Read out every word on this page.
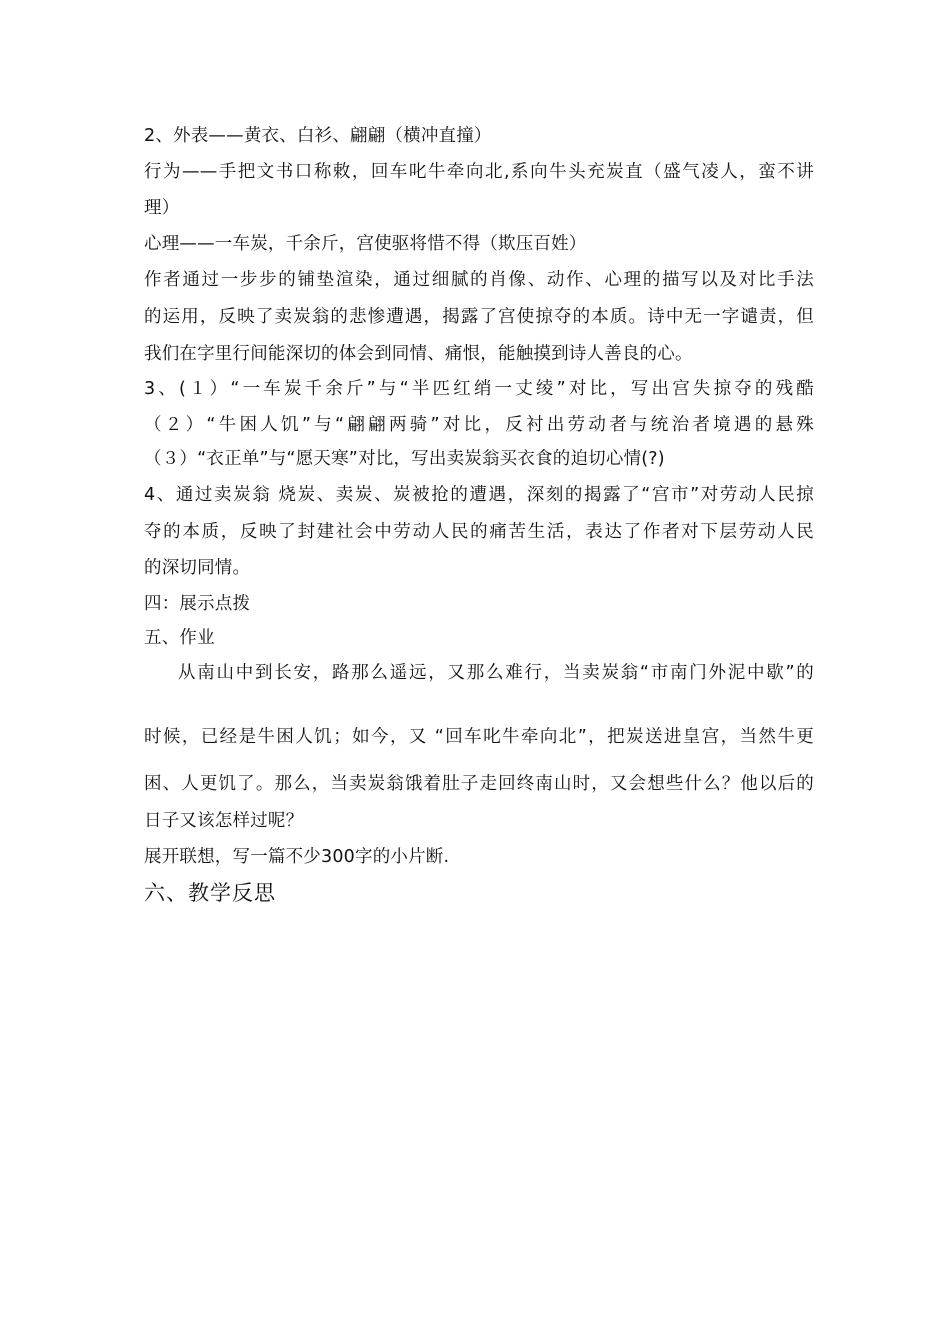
2、外表——黄衣、白衫、翩翩（横冲直撞）
行为——手把文书口称敕，回车叱牛牵向北,系向牛头充炭直（盛气凌人，蛮不讲
理）
心理——一车炭，千余斤，宫使驱将惜不得（欺压百姓）
作者通过一步步的铺垫渲染，通过细腻的肖像、动作、心理的描写以及对比手法
的运用，反映了卖炭翁的悲惨遭遇，揭露了宫使掠夺的本质。诗中无一字谴责，但
我们在字里行间能深切的体会到同情、痛恨，能触摸到诗人善良的心。
3、(１）“一车炭千余斤”与“半匹红绡一丈绫”对比，写出宫失掠夺的残酷
（２）“牛困人饥”与“翩翩两骑”对比，反衬出劳动者与统治者境遇的悬殊
（３）“衣正单”与“愿天寒”对比，写出卖炭翁买衣食的迫切心情(?)
4、通过卖炭翁 烧炭、卖炭、炭被抢的遭遇，深刻的揭露了“宫市”对劳动人民掠
夺的本质，反映了封建社会中劳动人民的痛苦生活，表达了作者对下层劳动人民
的深切同情。
四：展示点拨
五、作业
从南山中到长安，路那么遥远，又那么难行，当卖炭翁“市南门外泥中歇”的
时候，已经是牛困人饥；如今，又 “回车叱牛牵向北”，把炭送进皇宫，当然牛更
困、人更饥了。那么，当卖炭翁饿着肚子走回终南山时，又会想些什么？他以后的
日子又该怎样过呢？
展开联想，写一篇不少300字的小片断.
六、教学反思
